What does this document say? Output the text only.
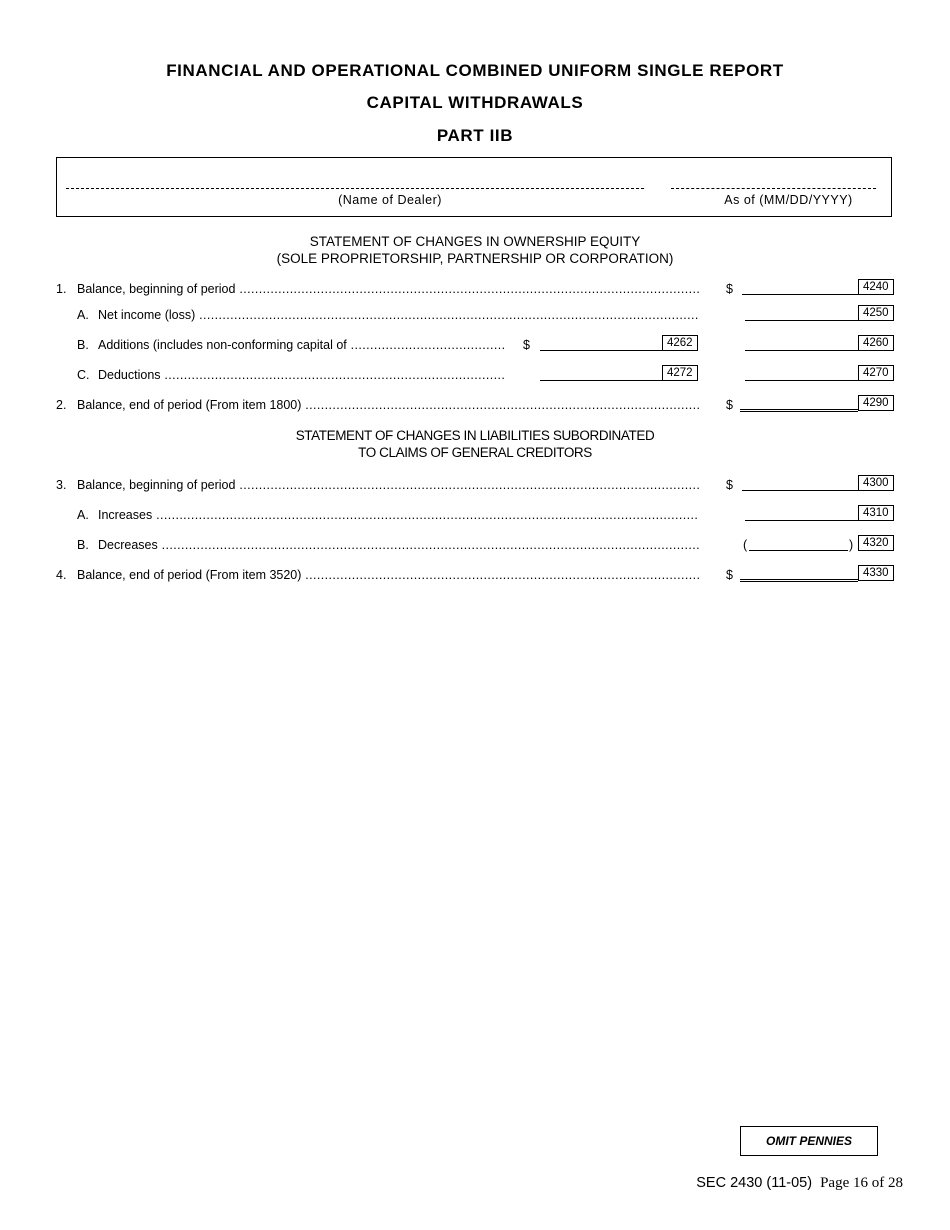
FINANCIAL AND OPERATIONAL COMBINED UNIFORM SINGLE REPORT
CAPITAL WITHDRAWALS
PART IIB
(Name of Dealer)	As of (MM/DD/YYYY)
STATEMENT OF CHANGES IN OWNERSHIP EQUITY
(SOLE PROPRIETORSHIP, PARTNERSHIP OR CORPORATION)
1. Balance, beginning of period .....	$	4240
A. Net income (loss) .....	4250
B. Additions (includes non-conforming capital of .....	$	4262	4260
C. Deductions .....	4272	4270
2. Balance, end of period (From item 1800) .....	$	4290
STATEMENT OF CHANGES IN LIABILITIES SUBORDINATED
TO CLAIMS OF GENERAL CREDITORS
3. Balance, beginning of period .....	$	4300
A. Increases .....	4310
B. Decreases .....	(	) 4320
4. Balance, end of period (From item 3520) .....	$	4330
OMIT PENNIES
SEC 2430 (11-05) Page 16 of 28
